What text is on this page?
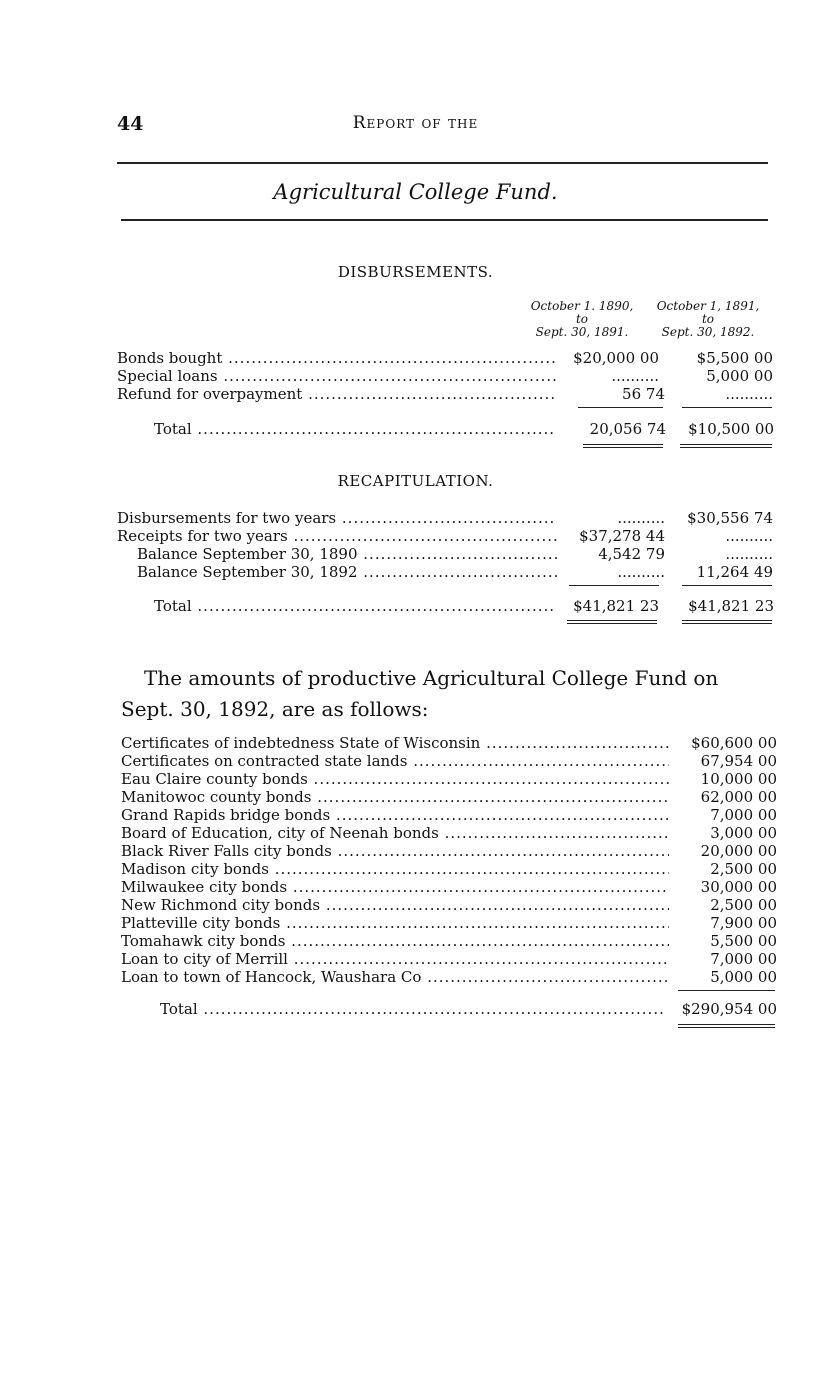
44	Report of the
Agricultural College Fund.
DISBURSEMENTS.
October 1. 1890,
to
Sept. 30, 1891.
October 1, 1891,
to
Sept. 30, 1892.
Bonds bought .....	$20,000 00	$5,500 00
Special loans .....	..........	5,000 00
Refund for overpayment .....	56 74	..........
Total .....	20,056 74	$10,500 00
RECAPITULATION.
Disbursements for two years .....	..........	$30,556 74
Receipts for two years .....	$37,278 44	..........
Balance September 30, 1890 .....	4,542 79	..........
Balance September 30, 1892 .....	..........	11,264 49
Total .....	$41,821 23	$41,821 23
The amounts of productive Agricultural College Fund on
Sept. 30, 1892, are as follows:
Certificates of indebtedness State of Wisconsin .....	$60,600 00
Certificates on contracted state lands .....	67,954 00
Eau Claire county bonds .....	10,000 00
Manitowoc county bonds .....	62,000 00
Grand Rapids bridge bonds .....	7,000 00
Board of Education, city of Neenah bonds .....	3,000 00
Black River Falls city bonds .....	20,000 00
Madison city bonds .....	2,500 00
Milwaukee city bonds .....	30,000 00
New Richmond city bonds .....	2,500 00
Platteville city bonds .....	7,900 00
Tomahawk city bonds .....	5,500 00
Loan to city of Merrill .....	7,000 00
Loan to town of Hancock, Waushara Co .....	5,000 00
Total .....	$290,954 00
